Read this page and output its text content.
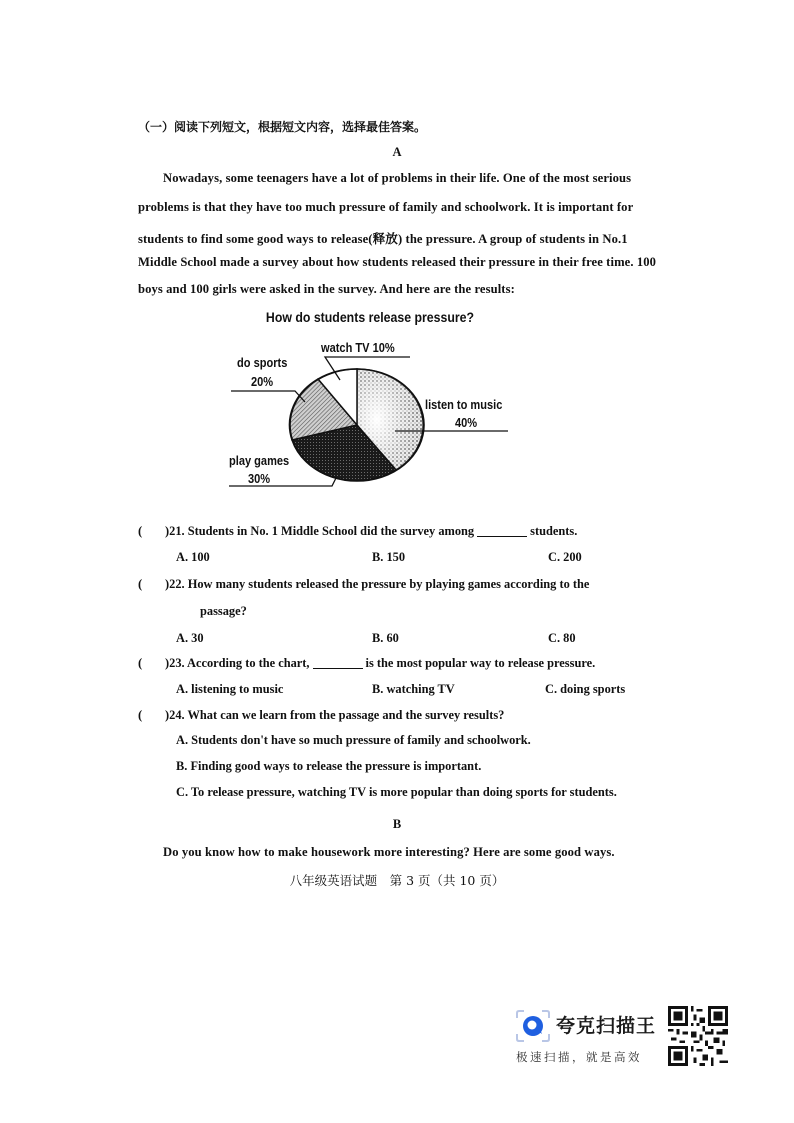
（一）阅读下列短文，根据短文内容，选择最佳答案。
A
Nowadays, some teenagers have a lot of problems in their life. One of the most serious
problems is that they have too much pressure of family and schoolwork. It is important for
students to find some good ways to release(释放) the pressure. A group of students in No.1
Middle School made a survey about how students released their pressure in their free time. 100
boys and 100 girls were asked in the survey. And here are the results:
How do students release pressure?
watch TV 10%
do sports
20%
listen to music
40%
play games
30%
( )21. Students in No. 1 Middle School did the survey among	students.
A. 100	B. 150	C. 200
( )22. How many students released the pressure by playing games according to the
passage?
A. 30	B. 60	C. 80
( )23. According to the chart,	is the most popular way to release pressure.
A. listening to music	B. watching TV	C. doing sports
( )24. What can we learn from the passage and the survey results?
A. Students don't have so much pressure of family and schoolwork.
B. Finding good ways to release the pressure is important.
C. To release pressure, watching TV is more popular than doing sports for students.
B
Do you know how to make housework more interesting? Here are some good ways.
八年级英语试题　第 3 页（共 10 页）
夸克扫描王
极速扫描，就是高效
